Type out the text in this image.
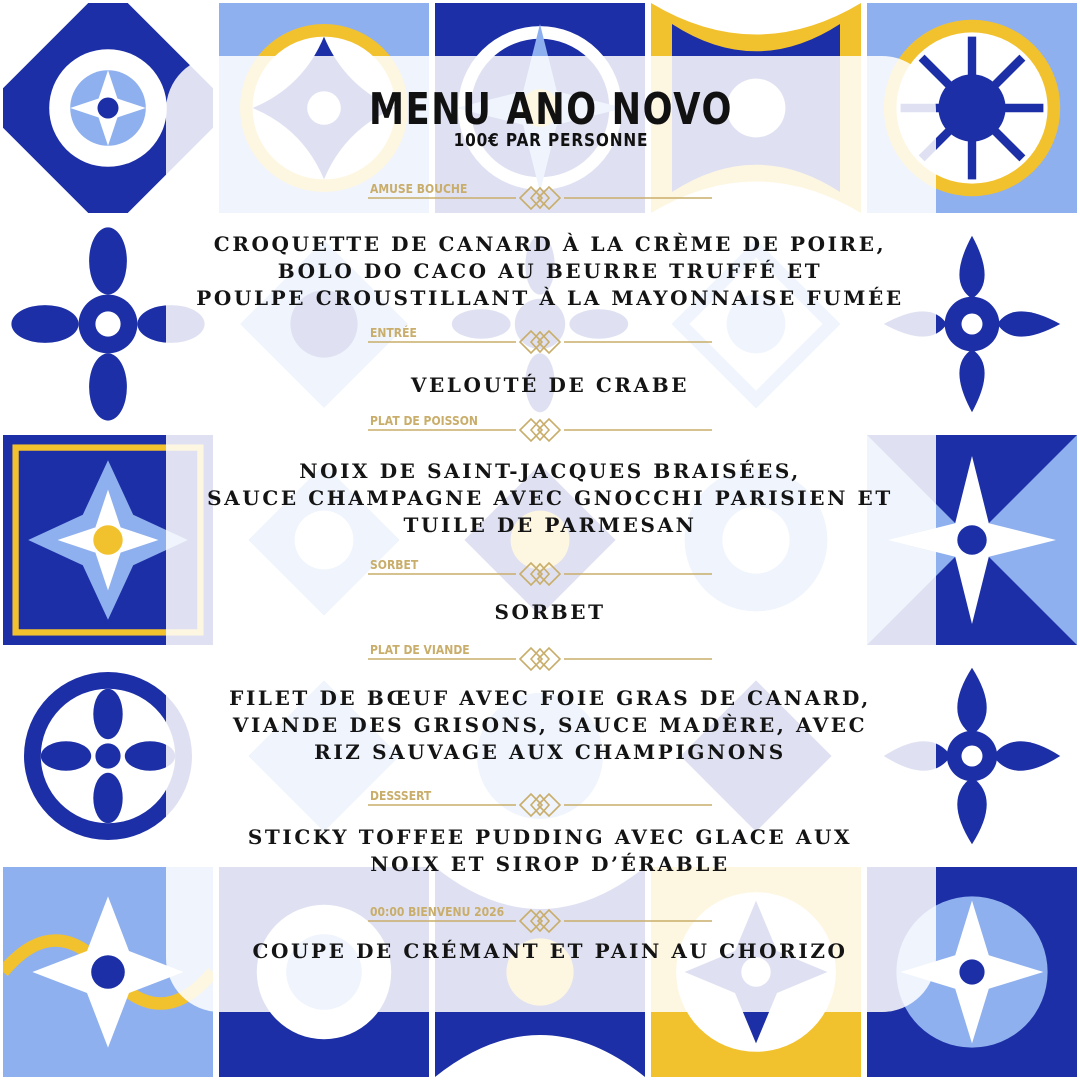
MENU ANO NOVO
100€ PAR PERSONNE
AMUSE BOUCHE
CROQUETTE DE CANARD À LA CRÈME DE POIRE,
BOLO DO CACO AU BEURRE TRUFFÉ ET
POULPE CROUSTILLANT À LA MAYONNAISE FUMÉE
ENTRÉE
VELOUTÉ DE CRABE
PLAT DE POISSON
NOIX DE SAINT-JACQUES BRAISÉES,
SAUCE CHAMPAGNE AVEC GNOCCHI PARISIEN ET
TUILE DE PARMESAN
SORBET
SORBET
PLAT DE VIANDE
FILET DE BŒUF AVEC FOIE GRAS DE CANARD,
VIANDE DES GRISONS, SAUCE MADÈRE, AVEC
RIZ SAUVAGE AUX CHAMPIGNONS
DESSSERT
STICKY TOFFEE PUDDING AVEC GLACE AUX
NOIX ET SIROP D’ÉRABLE
00:00 BIENVENU 2026
COUPE DE CRÉMANT ET PAIN AU CHORIZO
